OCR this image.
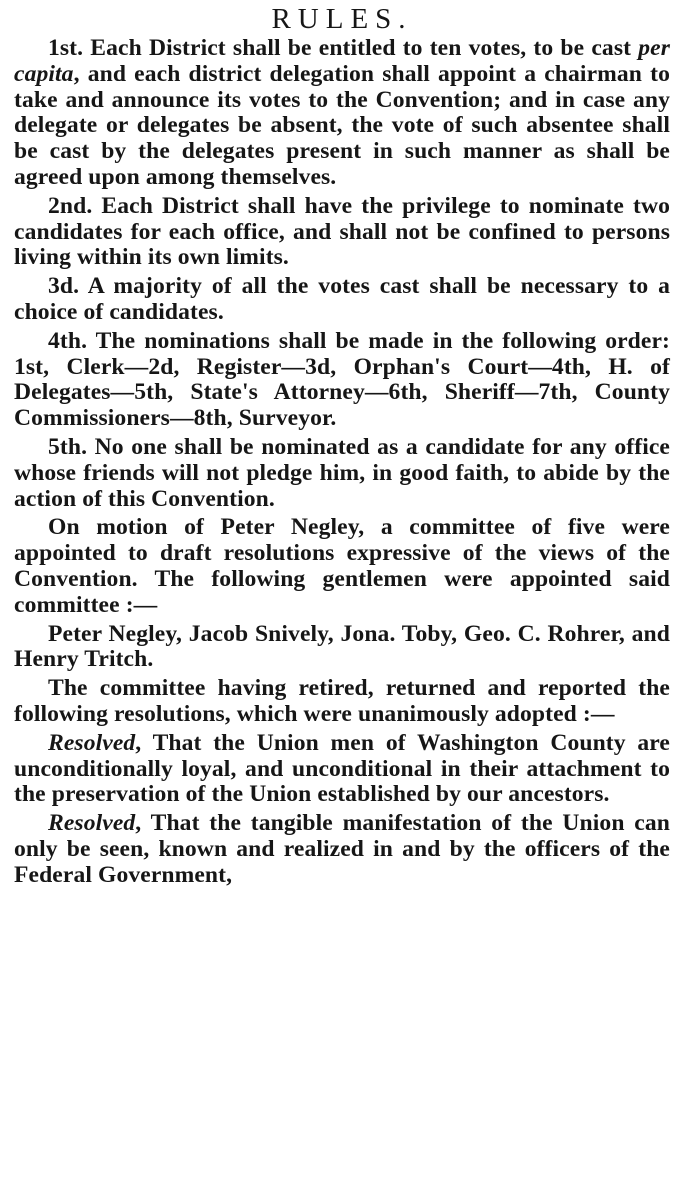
RULES.

1st. Each District shall be entitled to ten votes, to be cast per capita, and each district delegation shall appoint a chairman to take and announce its votes to the Convention; and in case any delegate or delegates be absent, the vote of such absentee shall be cast by the delegates present in such manner as shall be agreed upon among themselves.

2nd. Each District shall have the privilege to nominate two candidates for each office, and shall not be confined to persons living within its own limits.

3d. A majority of all the votes cast shall be necessary to a choice of candidates.

4th. The nominations shall be made in the following order: 1st, Clerk—2d, Register—3d, Orphan's Court—4th, H. of Delegates—5th, State's Attorney—6th, Sheriff—7th, County Commissioners—8th, Surveyor.

5th. No one shall be nominated as a candidate for any office whose friends will not pledge him, in good faith, to abide by the action of this Convention.

On motion of Peter Negley, a committee of five were appointed to draft resolutions expressive of the views of the Convention. The following gentlemen were appointed said committee :—

Peter Negley, Jacob Snively, Jona. Toby, Geo. C. Rohrer, and Henry Tritch.

The committee having retired, returned and reported the following resolutions, which were unanimously adopted :—

Resolved, That the Union men of Washington County are unconditionally loyal, and unconditional in their attachment to the preservation of the Union established by our ancestors.

Resolved, That the tangible manifestation of the Union can only be seen, known and realized in and by the officers of the Federal Government,
